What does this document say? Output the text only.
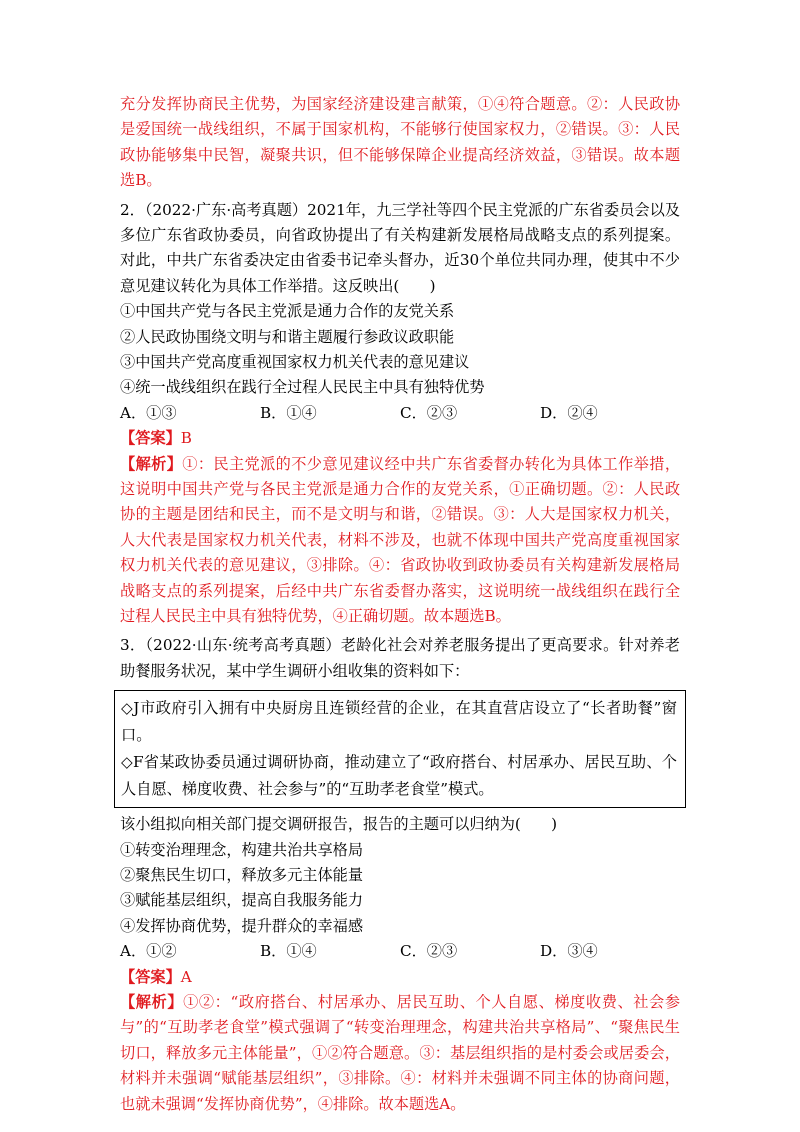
充分发挥协商民主优势，为国家经济建设建言献策，①④符合题意。②：人民政协是爱国统一战线组织，不属于国家机构，不能够行使国家权力，②错误。③：人民政协能够集中民智，凝聚共识，但不能够保障企业提高经济效益，③错误。故本题选B。
2．（2022·广东·高考真题）2021年，九三学社等四个民主党派的广东省委员会以及多位广东省政协委员，向省政协提出了有关构建新发展格局战略支点的系列提案。对此，中共广东省委决定由省委书记牵头督办，近30个单位共同办理，使其中不少意见建议转化为具体工作举措。这反映出(　　)
①中国共产党与各民主党派是通力合作的友党关系
②人民政协围绕文明与和谐主题履行参政议政职能
③中国共产党高度重视国家权力机关代表的意见建议
④统一战线组织在践行全过程人民民主中具有独特优势
A．①③	B．①④	C．②③	D．②④
【答案】B
【解析】①：民主党派的不少意见建议经中共广东省委督办转化为具体工作举措，这说明中国共产党与各民主党派是通力合作的友党关系，①正确切题。②：人民政协的主题是团结和民主，而不是文明与和谐，②错误。③：人大是国家权力机关，人大代表是国家权力机关代表，材料不涉及，也就不体现中国共产党高度重视国家权力机关代表的意见建议，③排除。④：省政协收到政协委员有关构建新发展格局战略支点的系列提案，后经中共广东省委督办落实，这说明统一战线组织在践行全过程人民民主中具有独特优势，④正确切题。故本题选B。
3．（2022·山东·统考高考真题）老龄化社会对养老服务提出了更高要求。针对养老助餐服务状况，某中学生调研小组收集的资料如下：
◇J市政府引入拥有中央厨房且连锁经营的企业，在其直营店设立了“长者助餐”窗口。
◇F省某政协委员通过调研协商，推动建立了“政府搭台、村居承办、居民互助、个人自愿、梯度收费、社会参与”的“互助孝老食堂”模式。
该小组拟向相关部门提交调研报告，报告的主题可以归纳为(　　)
①转变治理理念，构建共治共享格局
②聚焦民生切口，释放多元主体能量
③赋能基层组织，提高自我服务能力
④发挥协商优势，提升群众的幸福感
A．①②	B．①④	C．②③	D．③④
【答案】A
【解析】①②：“政府搭台、村居承办、居民互助、个人自愿、梯度收费、社会参与”的“互助孝老食堂”模式强调了“转变治理理念，构建共治共享格局”、“聚焦民生切口，释放多元主体能量”，①②符合题意。③：基层组织指的是村委会或居委会，材料并未强调“赋能基层组织”，③排除。④：材料并未强调不同主体的协商问题，也就未强调“发挥协商优势”，④排除。故本题选A。
